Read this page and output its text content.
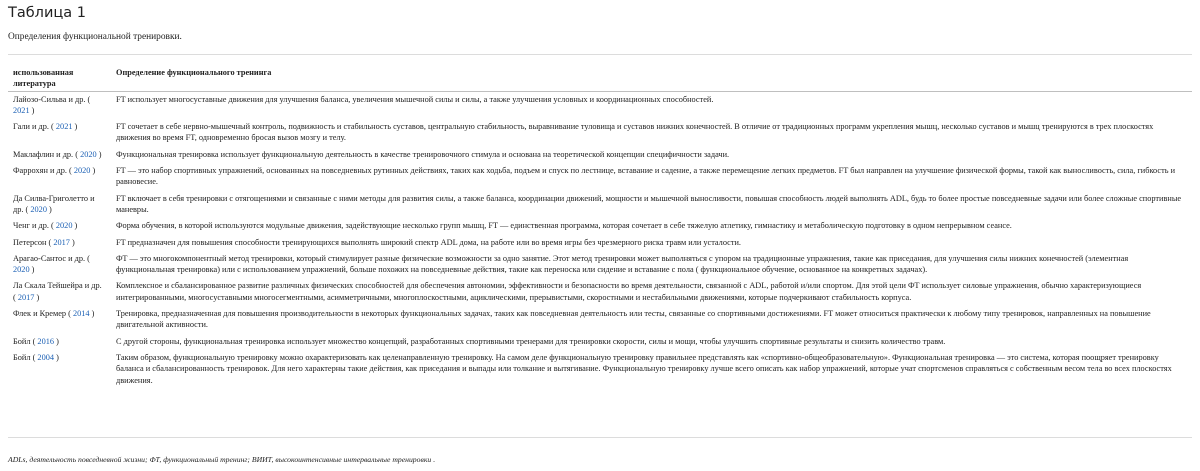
Таблица 1
Определения функциональной тренировки.
использованная литература	Определение функционального тренинга
Лайозо-Сильва и др. ( 2021 )	FT использует многосуставные движения для улучшения баланса, увеличения мышечной силы и силы, а также улучшения условных и координационных способностей.
Гали и др. ( 2021 )	FT сочетает в себе нервно-мышечный контроль, подвижность и стабильность суставов, центральную стабильность, выравнивание туловища и суставов нижних конечностей. В отличие от традиционных программ укрепления мышц, несколько суставов и мышц тренируются в трех плоскостях движения во время FT, одновременно бросая вызов мозгу и телу.
Маклафлин и др. ( 2020 )	Функциональная тренировка использует функциональную деятельность в качестве тренировочного стимула и основана на теоретической концепции специфичности задачи.
Фаррохян и др. ( 2020 )	FT — это набор спортивных упражнений, основанных на повседневных рутинных действиях, таких как ходьба, подъем и спуск по лестнице, вставание и садение, а также перемещение легких предметов. FT был направлен на улучшение физической формы, такой как выносливость, сила, гибкость и равновесие.
Да Силва-Григолетто и др. ( 2020 )	FT включает в себя тренировки с отягощениями и связанные с ними методы для развития силы, а также баланса, координации движений, мощности и мышечной выносливости, повышая способность людей выполнять ADL, будь то более простые повседневные задачи или более сложные спортивные маневры.
Ченг и др. ( 2020 )	Форма обучения, в которой используются модульные движения, задействующие несколько групп мышц, FT — единственная программа, которая сочетает в себе тяжелую атлетику, гимнастику и метаболическую подготовку в одном непрерывном сеансе.
Петерсон ( 2017 )	FT предназначен для повышения способности тренирующихся выполнять широкий спектр ADL дома, на работе или во время игры без чрезмерного риска травм или усталости.
Арагао-Сантос и др. ( 2020 )	ФТ — это многокомпонентный метод тренировки, который стимулирует разные физические возможности за одно занятие. Этот метод тренировки может выполняться с упором на традиционные упражнения, такие как приседания, для улучшения силы нижних конечностей (элементная функциональная тренировка) или с использованием упражнений, больше похожих на повседневные действия, такие как переноска или сидение и вставание с пола ( функциональное обучение, основанное на конкретных задачах).
Ла Скала Тейшейра и др. ( 2017 )	Комплексное и сбалансированное развитие различных физических способностей для обеспечения автономии, эффективности и безопасности во время деятельности, связанной с ADL, работой и/или спортом. Для этой цели ФТ использует силовые упражнения, обычно характеризующиеся интегрированными, многосуставными многосегментными, асимметричными, многоплоскостными, ациклическими, прерывистыми, скоростными и нестабильными движениями, которые подчеркивают стабильность корпуса.
Флек и Кремер ( 2014 )	Тренировка, предназначенная для повышения производительности в некоторых функциональных задачах, таких как повседневная деятельность или тесты, связанные со спортивными достижениями. FT может относиться практически к любому типу тренировок, направленных на повышение двигательной активности.
Бойл ( 2016 )	С другой стороны, функциональная тренировка использует множество концепций, разработанных спортивными тренерами для тренировки скорости, силы и мощи, чтобы улучшить спортивные результаты и снизить количество травм.
Бойл ( 2004 )	Таким образом, функциональную тренировку можно охарактеризовать как целенаправленную тренировку. На самом деле функциональную тренировку правильнее представлять как «спортивно-общеобразовательную». Функциональная тренировка — это система, которая поощряет тренировку баланса и сбалансированность тренировок. Для него характерны такие действия, как приседания и выпады или толкание и вытягивание. Функциональную тренировку лучше всего описать как набор упражнений, которые учат спортсменов справляться с собственным весом тела во всех плоскостях движения.
ADLs, деятельность повседневной жизни; ФТ, функциональный тренинг; ВИИТ, высокоинтенсивные интервальные тренировки .
